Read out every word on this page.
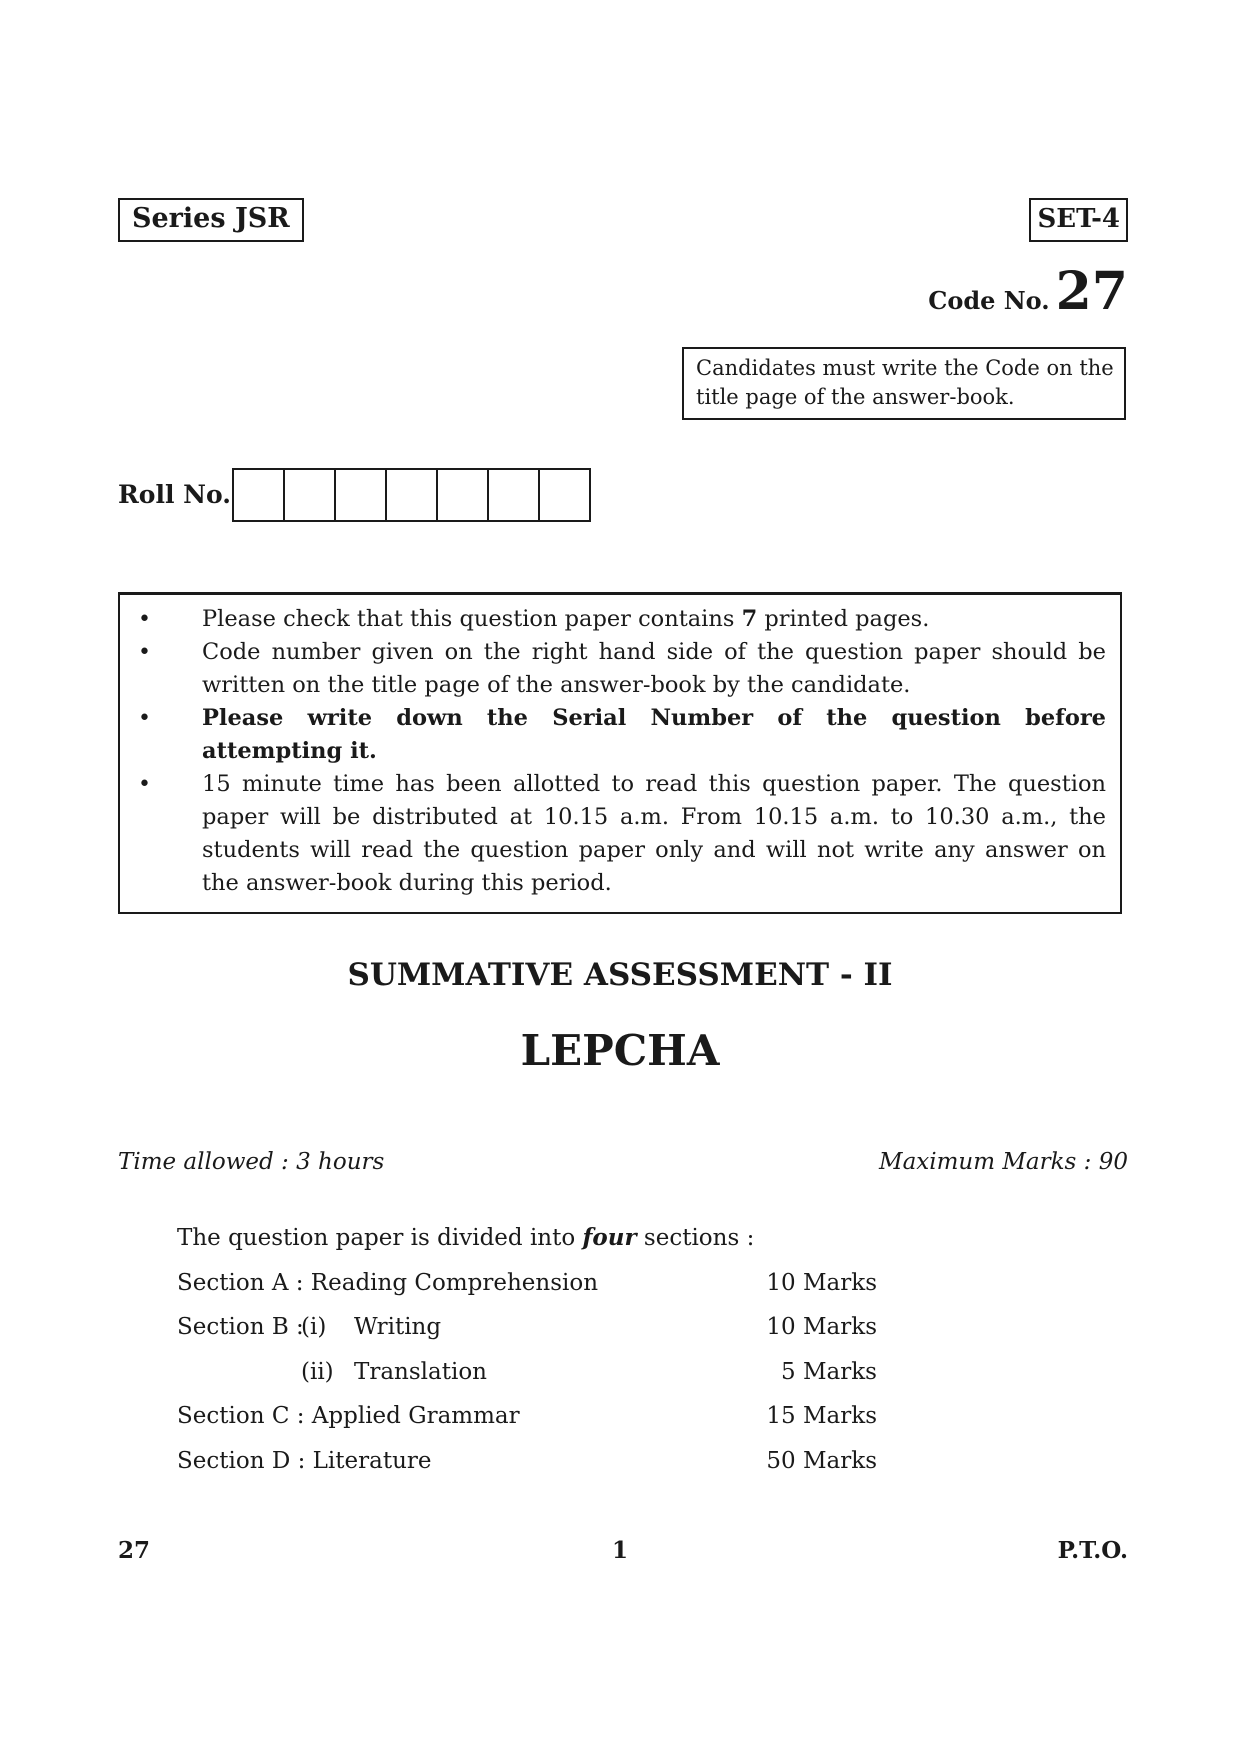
Series JSR	SET-4
Code No. 27
Candidates must write the Code on the title page of the answer-book.
Roll No.
•	Please check that this question paper contains 7 printed pages.
•	Code number given on the right hand side of the question paper should be written on the title page of the answer-book by the candidate.
•	Please write down the Serial Number of the question before attempting it.
•	15 minute time has been allotted to read this question paper. The question paper will be distributed at 10.15 a.m. From 10.15 a.m. to 10.30 a.m., the students will read the question paper only and will not write any answer on the answer-book during this period.
SUMMATIVE ASSESSMENT - II
LEPCHA
Time allowed : 3 hours	Maximum Marks : 90
The question paper is divided into four sections :
Section A : Reading Comprehension	10 Marks
Section B :
(i) Writing	10 Marks
(ii) Translation	5 Marks
Section C : Applied Grammar	15 Marks
Section D : Literature	50 Marks
27	1	P.T.O.
